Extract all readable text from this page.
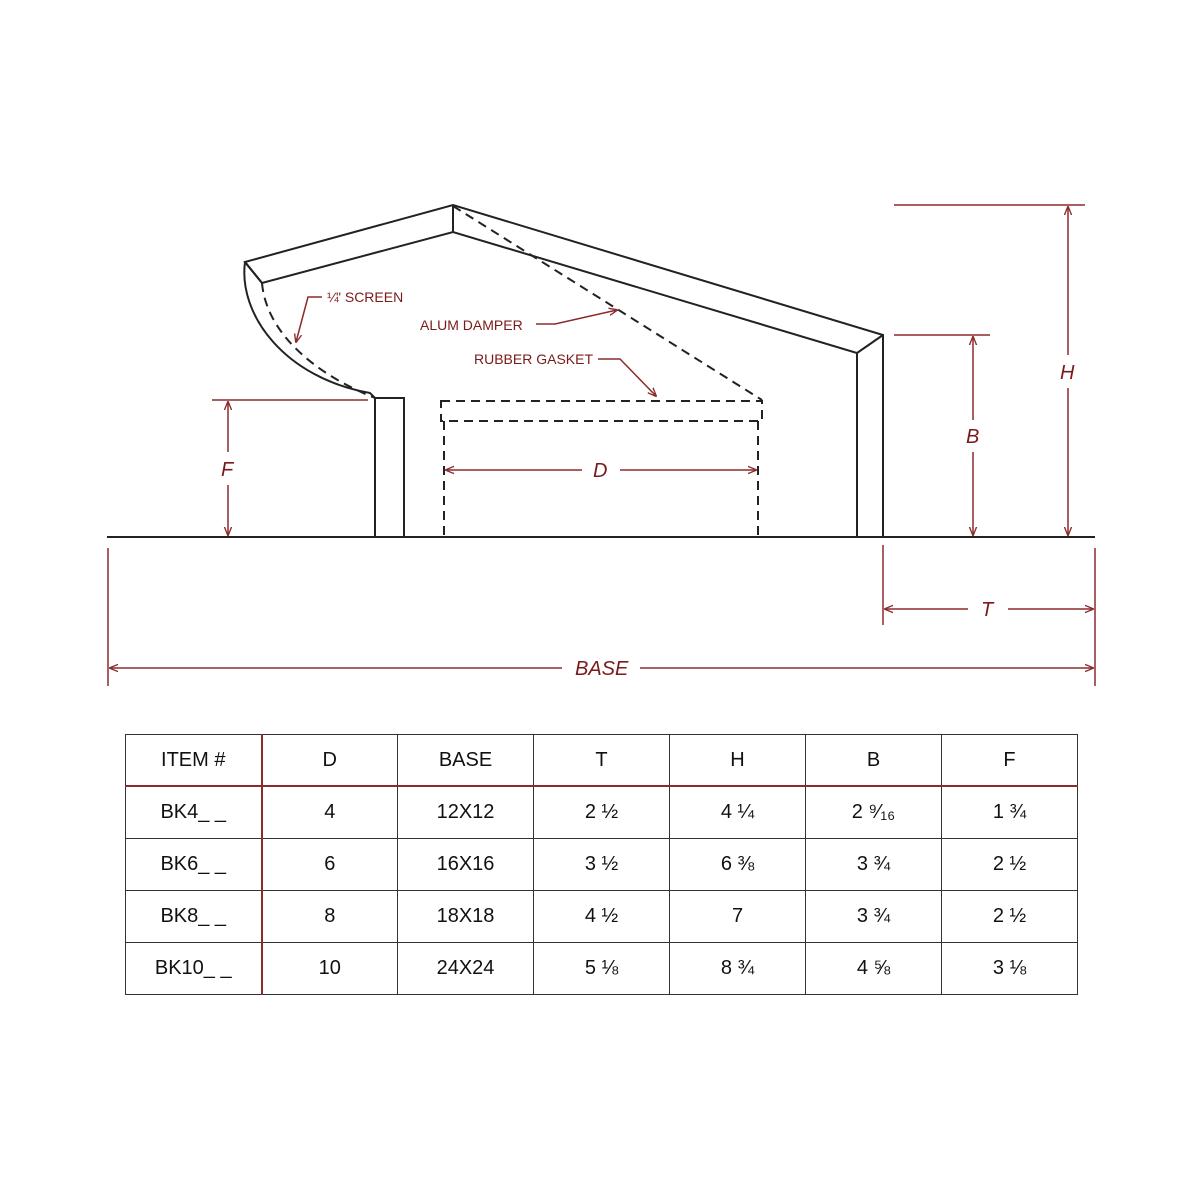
¼
" SCREEN
ALUM DAMPER
RUBBER GASKET
F	D
B
H
T
BASE
ITEM #	D	BASE	T	H	B	F
BK4_ _	4	12X12	2 ½	4 ¼	2 ⁹⁄₁₆	1 ¾
BK6_ _	6	16X16	3 ½	6 ⅜	3 ¾	2 ½
BK8_ _	8	18X18	4 ½	7	3 ¾	2 ½
BK10_ _	10	24X24	5 ⅛	8 ¾	4 ⅝	3 ⅛
